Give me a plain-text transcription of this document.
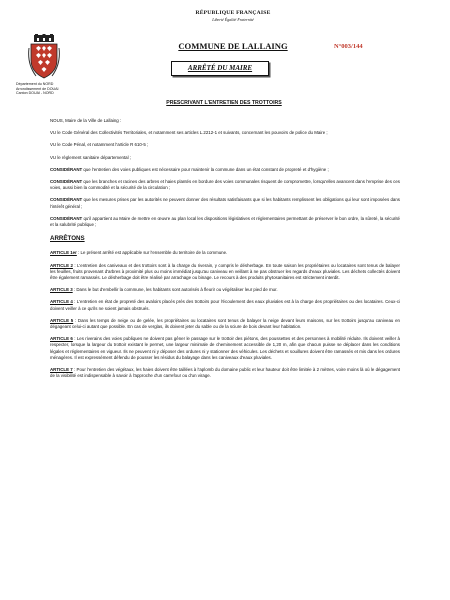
RÉPUBLIQUE FRANÇAISE
Liberté Égalité Fraternité
Département du NORD
Arrondissement de DOUAI
Canton DOUAI - NORD
COMMUNE DE LALLAING	N°003/144
ARRÊTÉ DU MAIRE
PRESCRIVANT L'ENTRETIEN DES TROTTOIRS

NOUS, Maire de la Ville de Lallaing :

VU le Code Général des Collectivités Territoriales, et notamment ses articles L.2212-1 et suivants, concernant les pouvoirs de police du Maire ;

VU le Code Pénal, et notamment l'article R 610-5 ;

VU le règlement sanitaire départemental ;

CONSIDÉRANT que l'entretien des voies publiques est nécessaire pour maintenir la commune dans un état constant de propreté et d'hygiène ;

CONSIDÉRANT que les branches et racines des arbres et haies plantés en bordure des voies communales risquent de compromettre, lorsqu'elles avancent dans l'emprise des ces voies, aussi bien la commodité et la sécurité de la circulation ;

CONSIDÉRANT que les mesures prises par les autorités ne peuvent donner des résultats satisfaisants que si les habitants remplissent les obligations qui leur sont imposées dans l'intérêt général ;

CONSIDÉRANT qu'il appartient au Maire de mettre en œuvre au plan local les dispositions législatives et réglementaires permettant de préserver le bon ordre, la sûreté, la sécurité et la salubrité publique ;

ARRÊTONS

ARTICLE 1er : Le présent arrêté est applicable sur l'ensemble du territoire de la commune.

ARTICLE 2 : L'entretien des caniveaux et des trottoirs sont à la charge du riverain, y compris le désherbage. En toute saison les propriétaires ou locataires sont tenus de balayer les feuilles, fruits provenant d'arbres à proximité plus ou moins immédiat jusqu'au caniveau en veillant à ne pas obstruer les regards d'eaux pluviales. Les déchets collectés doivent être également ramassés. Le désherbage doit être réalisé par arrachage ou binage. Le recours à des produits phytosanitaires est strictement interdit.

ARTICLE 3 : Dans le but d'embellir la commune, les habitants sont autorisés à fleurir ou végétaliser leur pied de mur.

ARTICLE 4 : L'entretien en état de propreté des avaloirs placés près des trottoirs pour l'écoulement des eaux pluviales est à la charge des propriétaires ou des locataires. Ceux-ci doivent veiller à ce qu'ils ne soient jamais obstrués.

ARTICLE 5 : Dans les temps de neige ou de gelée, les propriétaires ou locataires sont tenus de balayer la neige devant leurs maisons, sur les trottoirs jusqu'au caniveau en dégageant celui-ci autant que possible. En cas de verglas, ils doivent jeter du sable ou de la sciure de bois devant leur habitation.

ARTICLE 6 : Les riverains des voies publiques ne doivent pas gêner le passage sur le trottoir des piétons, des poussettes et des personnes à mobilité réduite. Ils doivent veiller à respecter, lorsque la largeur du trottoir existant le permet, une largeur minimale de cheminement accessible de 1,20 m, afin que chacun puisse se déplacer dans les conditions légales et réglementaires en vigueur. Ils ne peuvent ni y déposer des ordures ni y stationner des véhicules. Les déchets et souillures doivent être ramassés et mis dans les ordures ménagères. Il est expressément défendu de pousser les résidus du balayage dans les caniveaux d'eaux pluviales.

ARTICLE 7 : Pour l'entretien des végétaux, les haies doivent être taillées à l'aplomb du domaine public et leur hauteur doit être limitée à 2 mètres, voire moins là où le dégagement de la visibilité est indispensable à savoir à l'approche d'un carrefour ou d'un virage.
